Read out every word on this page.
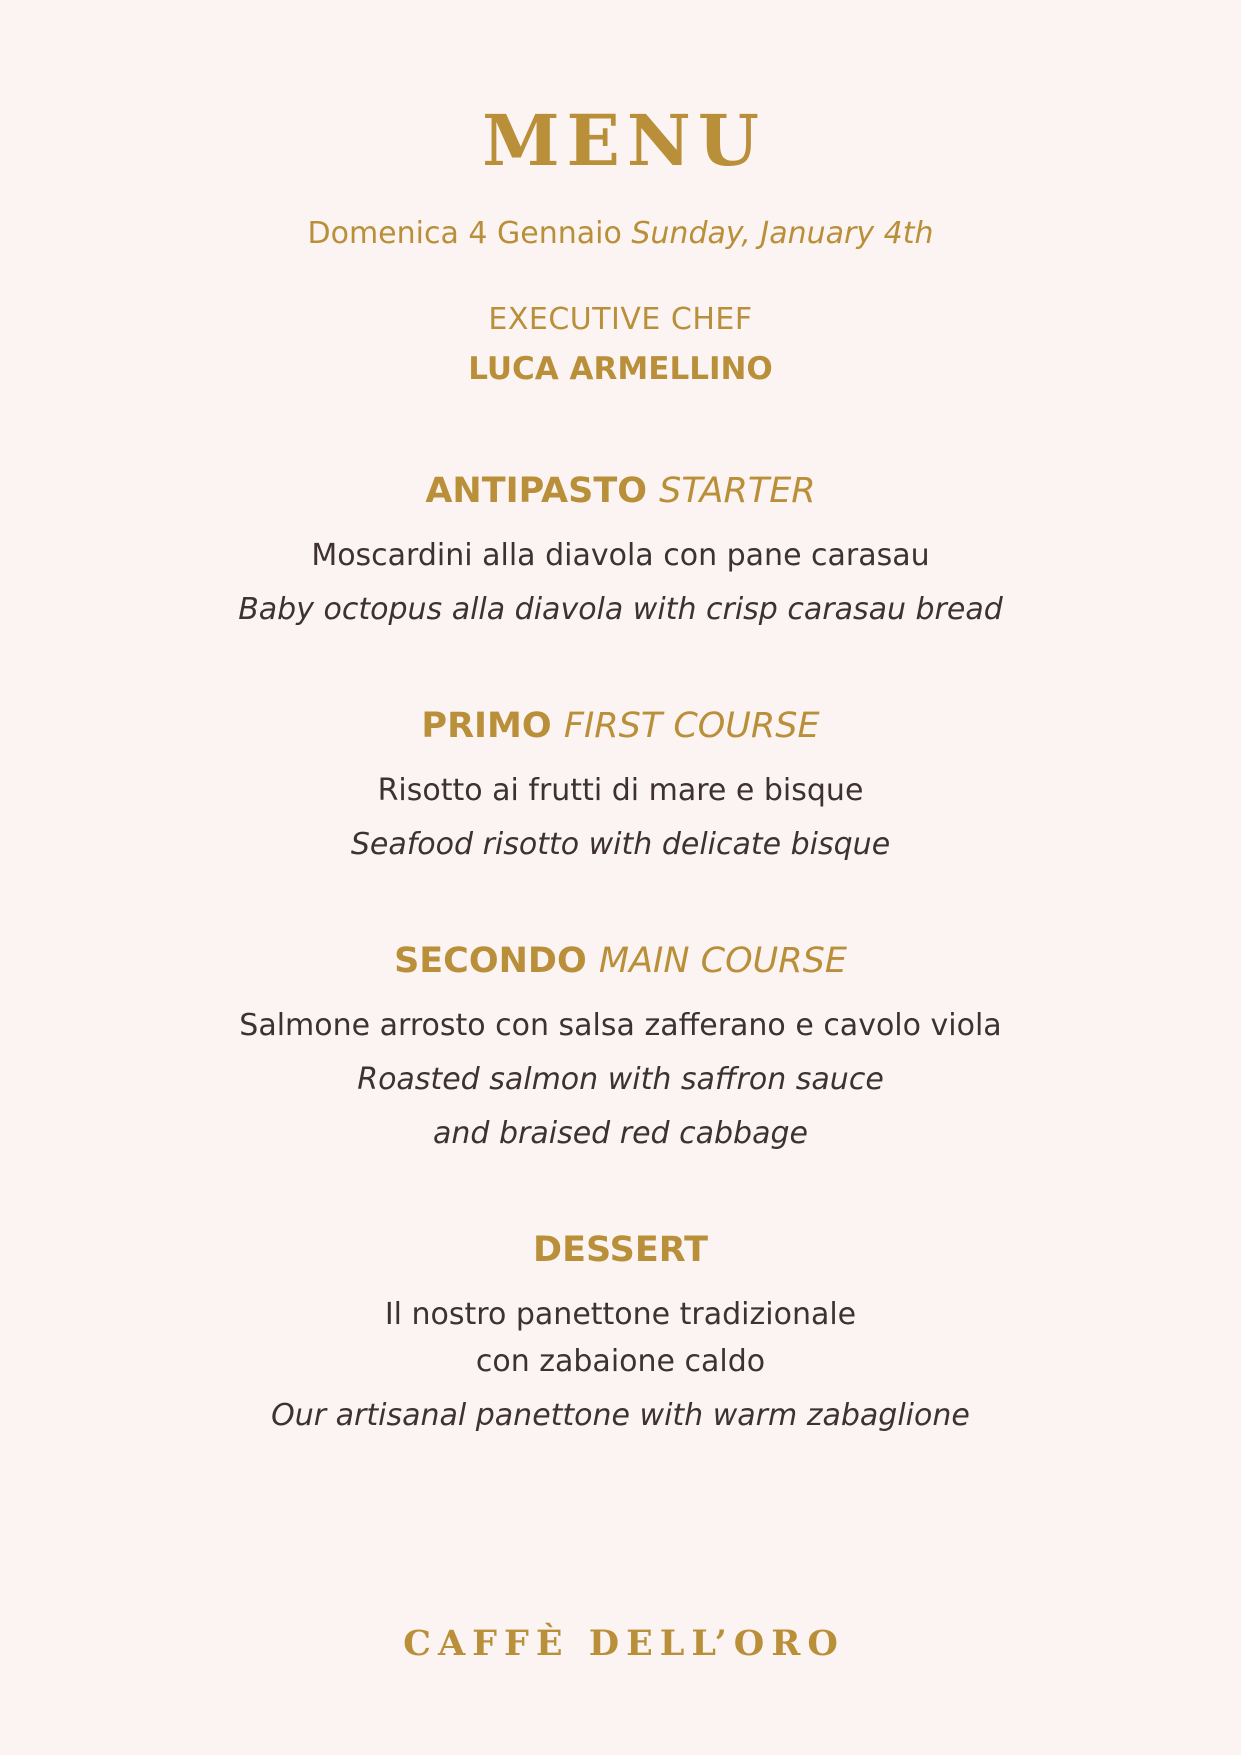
MENU
Domenica 4 Gennaio Sunday, January 4th
EXECUTIVE CHEF
LUCA ARMELLINO
ANTIPASTO STARTER
Moscardini alla diavola con pane carasau
Baby octopus alla diavola with crisp carasau bread
PRIMO FIRST COURSE
Risotto ai frutti di mare e bisque
Seafood risotto with delicate bisque
SECONDO MAIN COURSE
Salmone arrosto con salsa zafferano e cavolo viola
Roasted salmon with saffron sauce
and braised red cabbage
DESSERT
Il nostro panettone tradizionale
con zabaione caldo
Our artisanal panettone with warm zabaglione
CAFFÈ DELL’ORO
